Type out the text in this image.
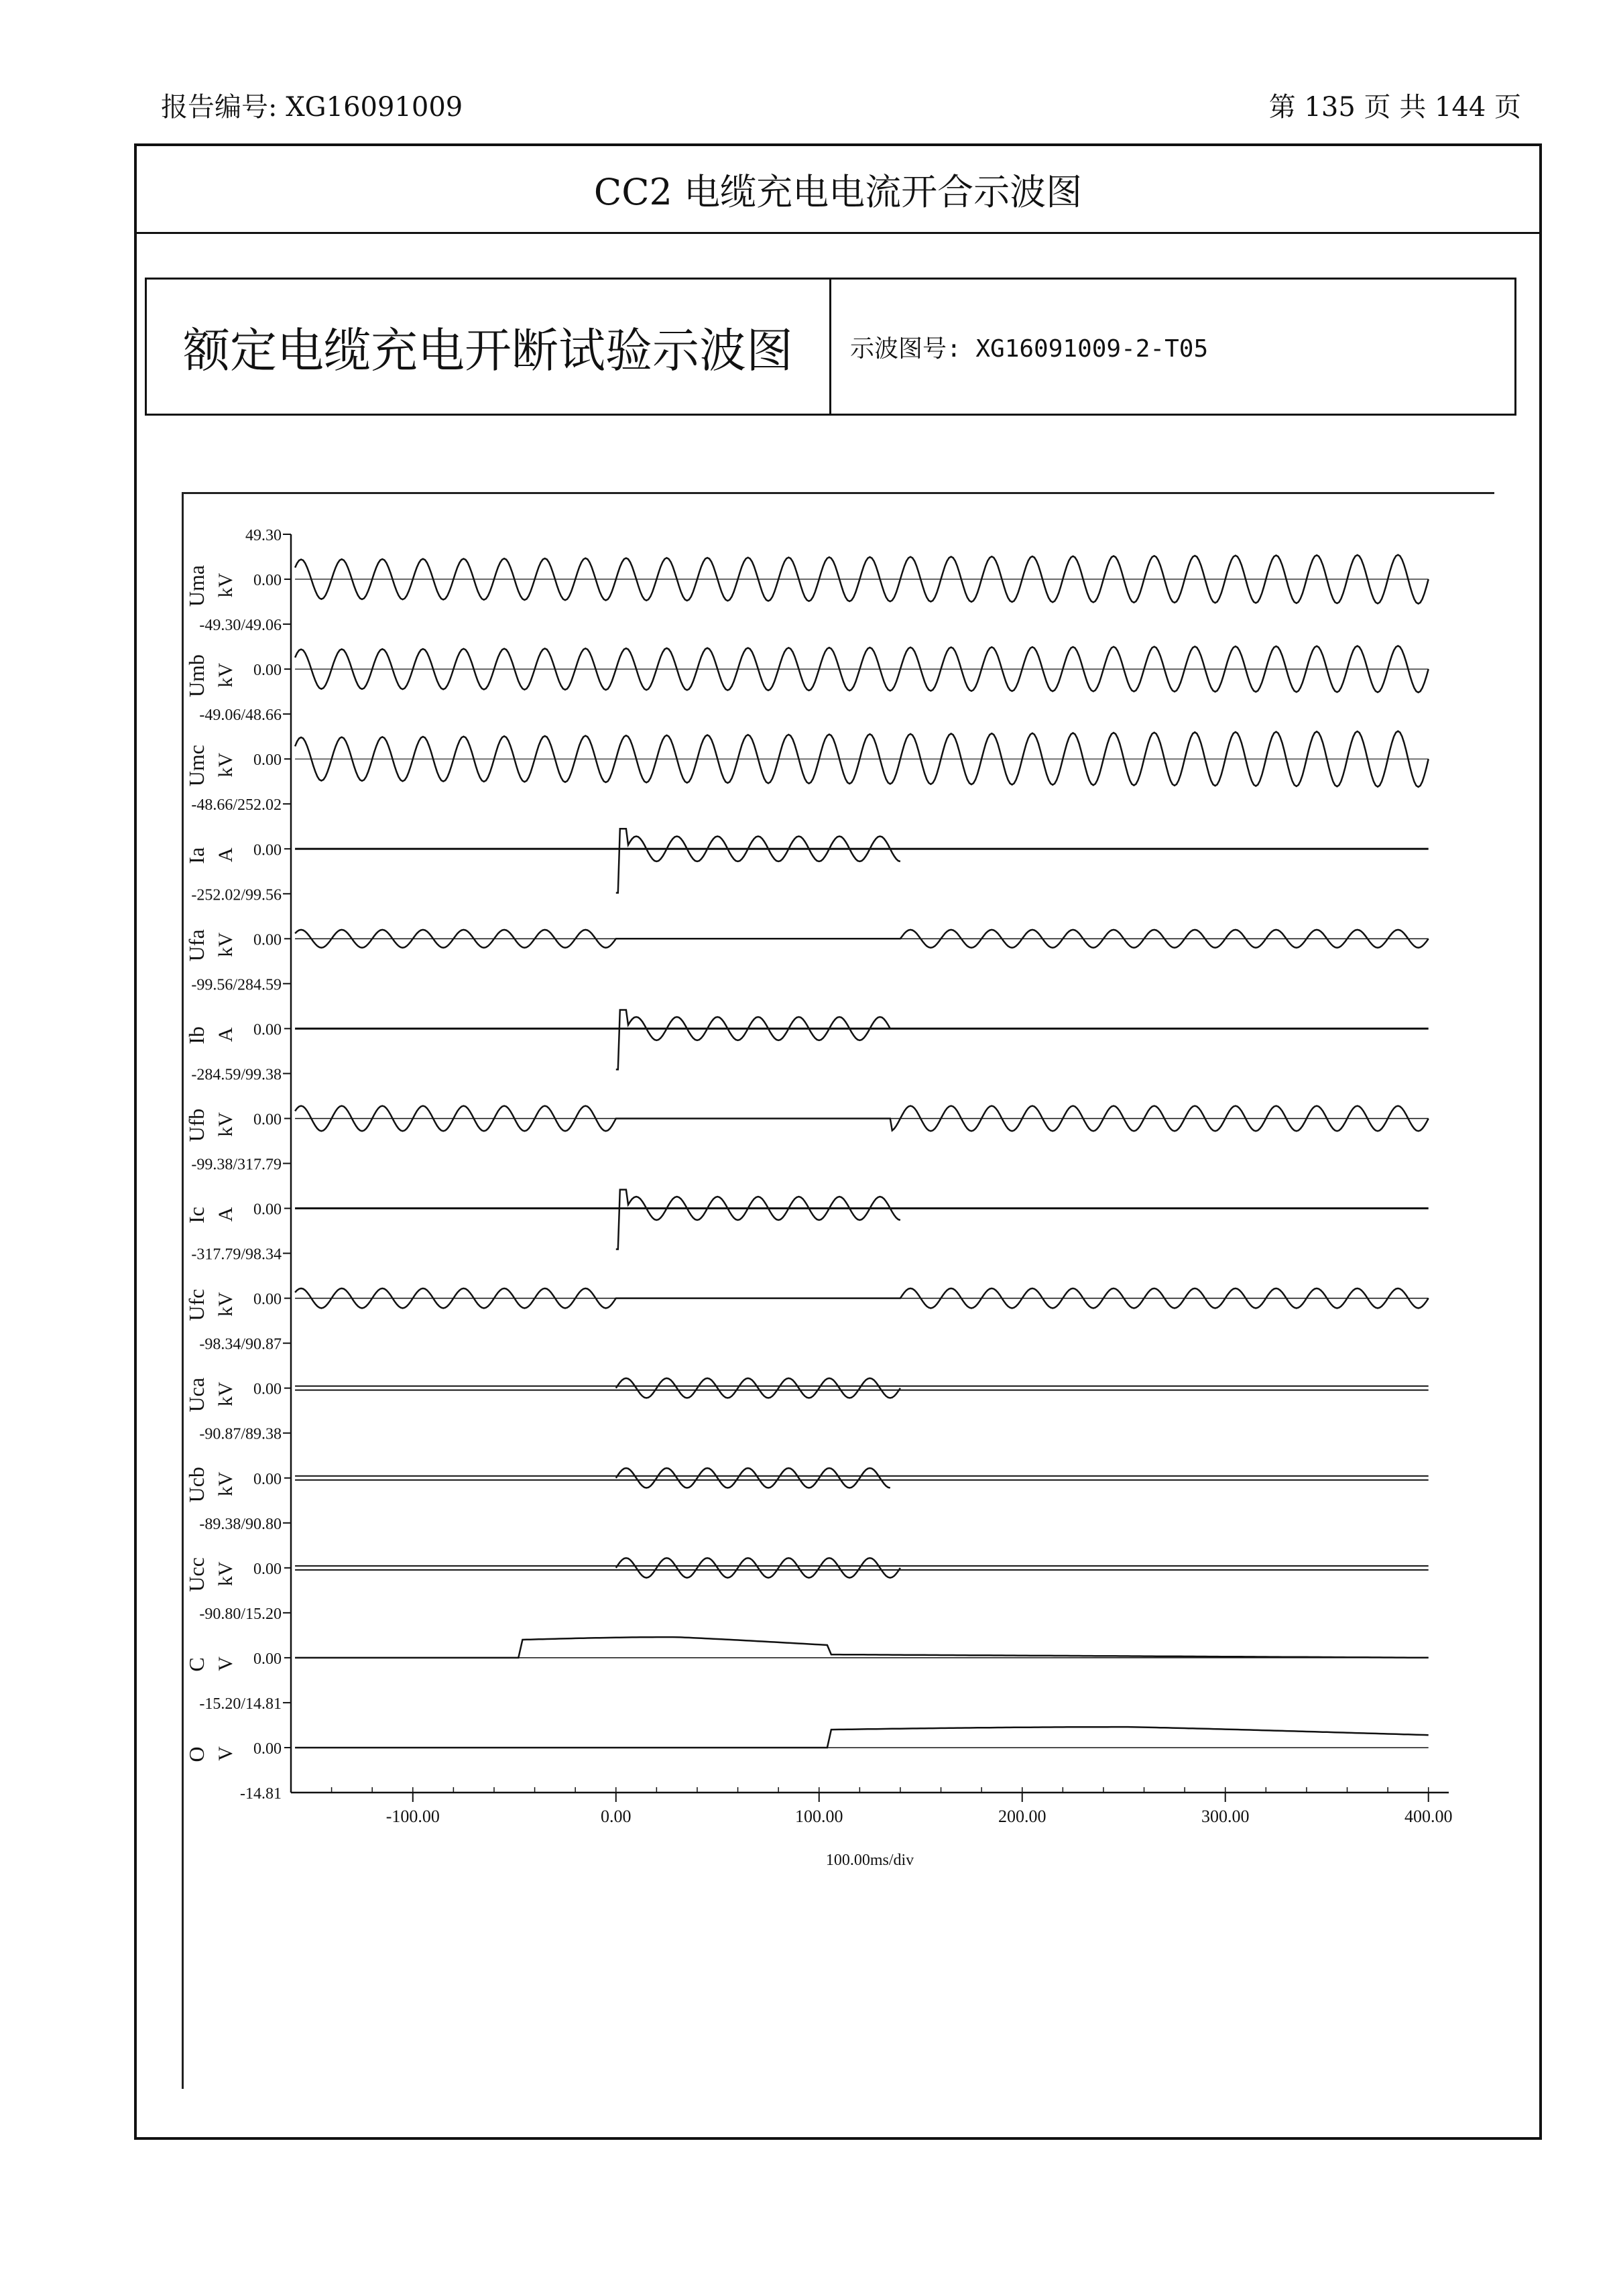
报告编号: XG16091009	第 135 页 共 144 页
CC2 电缆充电电流开合示波图
额定电缆充电开断试验示波图	示波图号: XG16091009-2-T05
-100.00	0.00	100.00	200.00	300.00	400.00
100.00ms/div
49.30
0.00
kV
Uma
-49.30/49.06
0.00
kV
Umb
-49.06/48.66
0.00
kV
Umc
-48.66/252.02
0.00
A
Ia
-252.02/99.56
0.00
kV
Ufa
-99.56/284.59
0.00
A
Ib
-284.59/99.38
0.00
kV
Ufb
-99.38/317.79
0.00
A
Ic
-317.79/98.34
0.00
kV
Ufc
-98.34/90.87
0.00
kV
Uca
-90.87/89.38
0.00
kV
Ucb
-89.38/90.80
0.00
kV
Ucc
-90.80/15.20
0.00
V
C
-15.20/14.81
0.00
V
O
-14.81
